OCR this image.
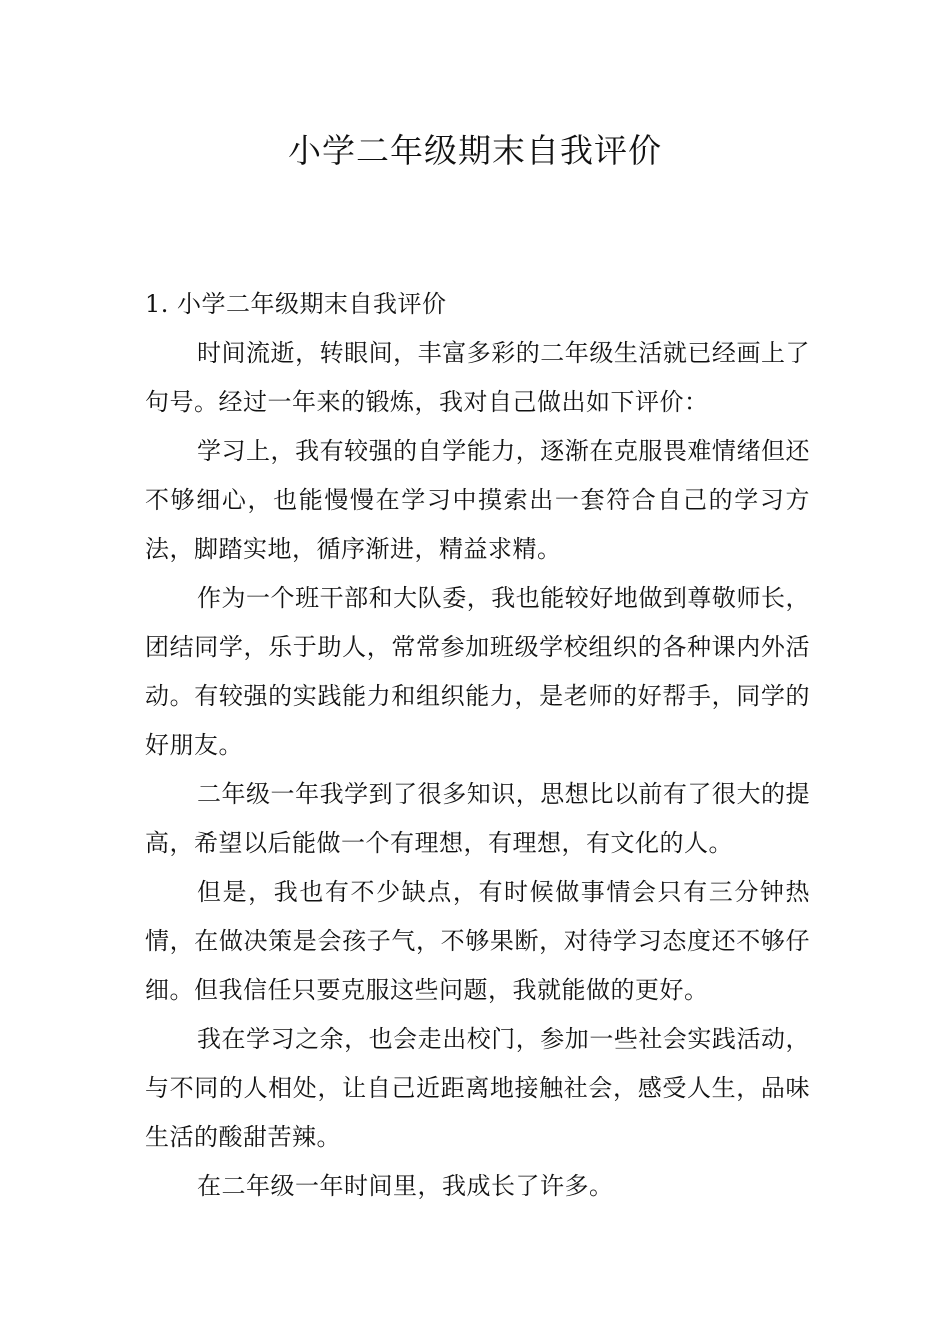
小学二年级期末自我评价

1. 小学二年级期末自我评价

时间流逝，转眼间，丰富多彩的二年级生活就已经画上了句号。经过一年来的锻炼，我对自己做出如下评价：

学习上，我有较强的自学能力，逐渐在克服畏难情绪但还不够细心，也能慢慢在学习中摸索出一套符合自己的学习方法，脚踏实地，循序渐进，精益求精。

作为一个班干部和大队委，我也能较好地做到尊敬师长，团结同学，乐于助人，常常参加班级学校组织的各种课内外活动。有较强的实践能力和组织能力，是老师的好帮手，同学的好朋友。

二年级一年我学到了很多知识，思想比以前有了很大的提高，希望以后能做一个有理想，有理想，有文化的人。

但是，我也有不少缺点，有时候做事情会只有三分钟热情，在做决策是会孩子气，不够果断，对待学习态度还不够仔细。但我信任只要克服这些问题，我就能做的更好。

我在学习之余，也会走出校门，参加一些社会实践活动，与不同的人相处，让自己近距离地接触社会，感受人生，品味生活的酸甜苦辣。

在二年级一年时间里，我成长了许多。
